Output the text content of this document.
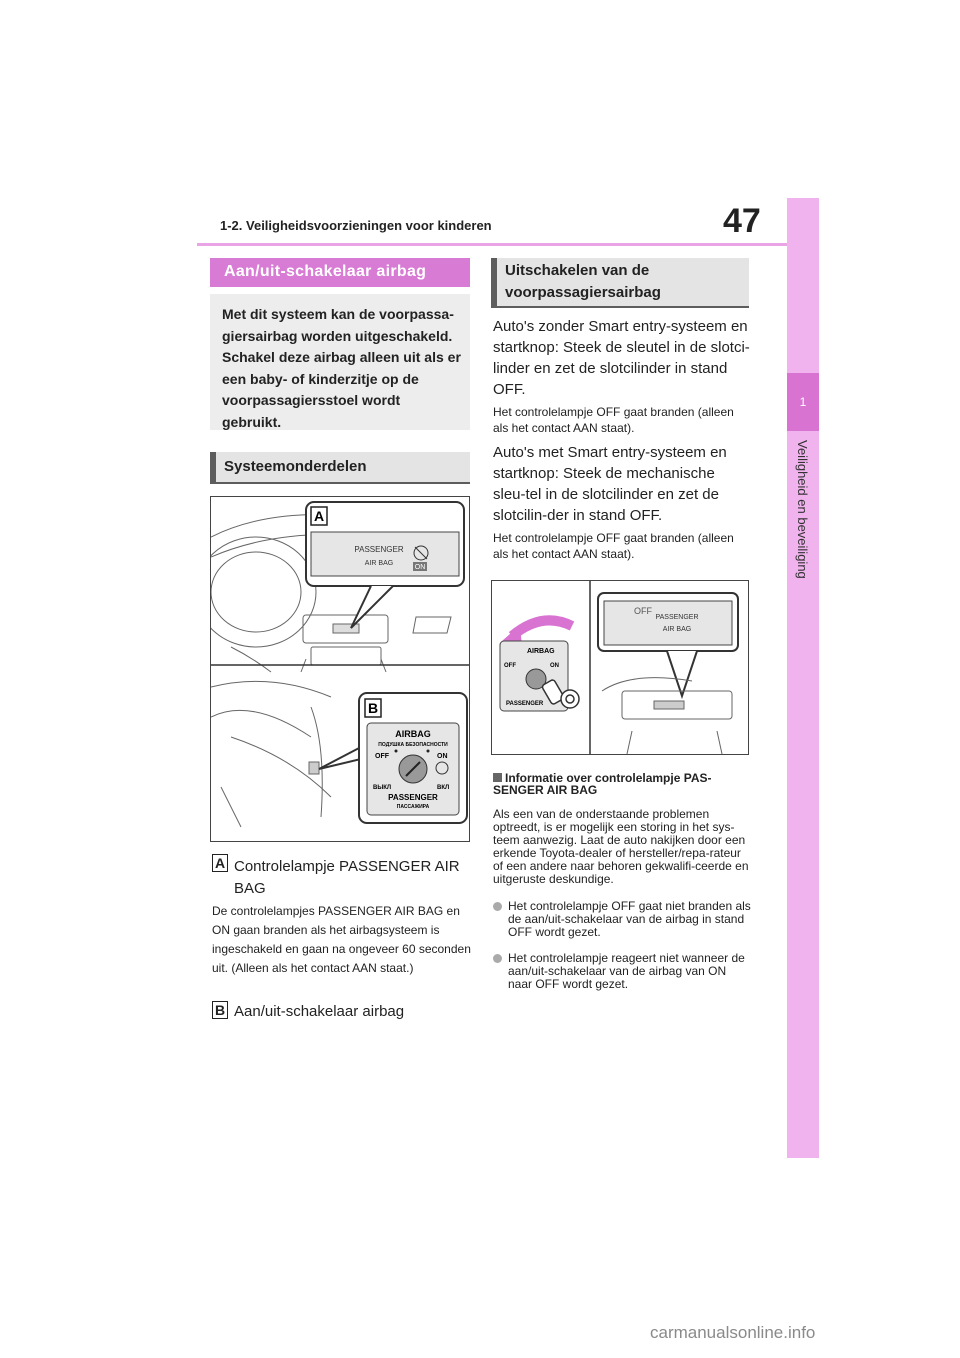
1-2. Veiligheidsvoorzieningen voor kinderen	47
1
Veiligheid en beveiliging
Aan/uit-schakelaar airbag
Met dit systeem kan de voorpassa-giersairbag worden uitgeschakeld. Schakel deze airbag alleen uit als er een baby- of kinderzitje op de voorpassagiersstoel wordt gebruikt.
Systeemonderdelen
A
PASSENGER
AIR BAG
ON
B
AIRBAG
ПОДУШКА БЕЗОПАСНОСТИ
OFF	ON
ВЫКЛ	ВКЛ
PASSENGER
ПАССАЖИРА
A Controlelampje PASSENGER AIR BAG
De controlelampjes PASSENGER AIR BAG en ON gaan branden als het airbagsysteem is ingeschakeld en gaan na ongeveer 60 seconden uit. (Alleen als het contact AAN staat.)
B Aan/uit-schakelaar airbag
Uitschakelen van de voorpassagiersairbag
Auto's zonder Smart entry-systeem en startknop: Steek de sleutel in de slotci-linder en zet de slotcilinder in stand OFF.
Het controlelampje OFF gaat branden (alleen als het contact AAN staat).
Auto's met Smart entry-systeem en startknop: Steek de mechanische sleu-tel in de slotcilinder en zet de slotcilin-der in stand OFF.
Het controlelampje OFF gaat branden (alleen als het contact AAN staat).
OFF
PASSENGER
AIR BAG
AIRBAG
OFF	ON
PASSENGER
Informatie over controlelampje PAS-SENGER AIR BAG
Als een van de onderstaande problemen optreedt, is er mogelijk een storing in het sys-teem aanwezig. Laat de auto nakijken door een erkende Toyota-dealer of hersteller/repa-rateur of een andere naar behoren gekwalifi-ceerde en uitgeruste deskundige.
Het controlelampje OFF gaat niet branden als de aan/uit-schakelaar van de airbag in stand OFF wordt gezet.
Het controlelampje reageert niet wanneer de aan/uit-schakelaar van de airbag van ON naar OFF wordt gezet.
carmanualsonline.info
